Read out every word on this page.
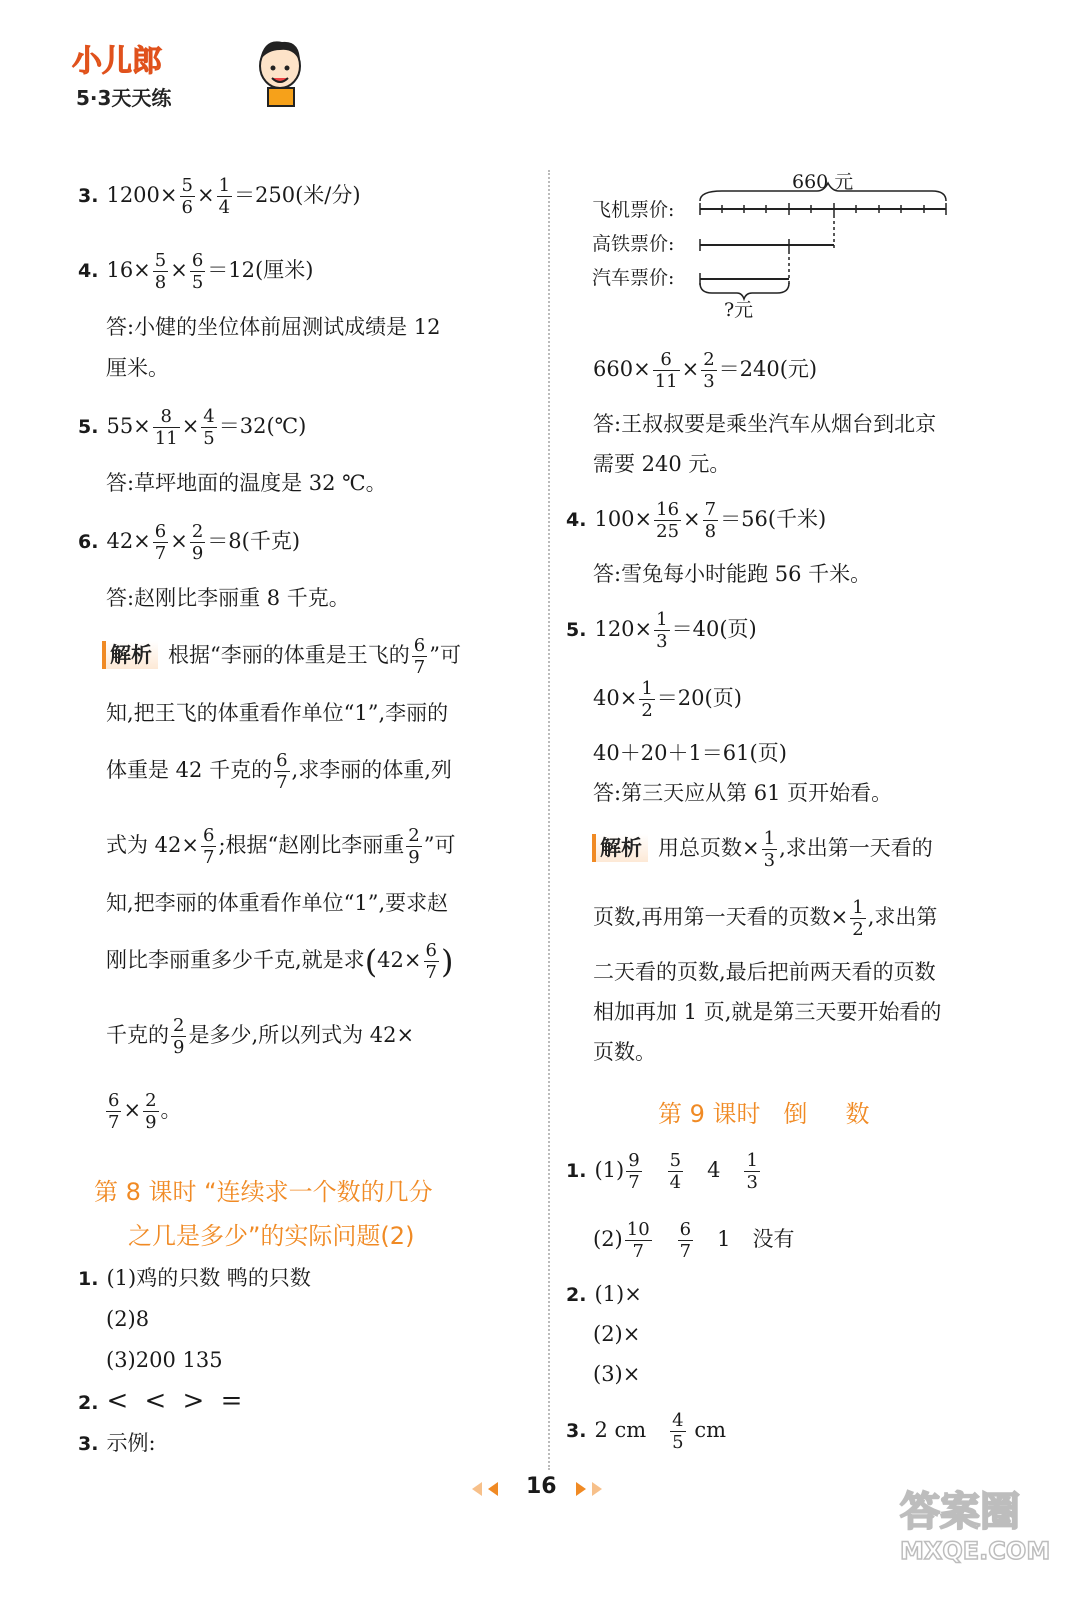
小儿郎
5·3天天练
3. $1200\times \frac{5}{6} \times \frac{1}{4} =250$(米/分)
4. $16\times \frac{5}{8} \times \frac{6}{5} =12$(厘米)
答:小健的坐位体前屈测试成绩是 12
厘米。
5. $55\times \frac{8}{11} \times \frac{4}{5}$ ＝32(℃)
答:草坪地面的温度是 32 ℃。
6. $42\times \frac{6}{7} \times \frac{2}{9} =8$(千克)
答:赵刚比李丽重 8 千克。
解析 根据“李丽的体重是王飞的 $\frac{6}{7}$ ”可
知,把王飞的体重看作单位“1”,李丽的
体重是 42 千克的 $\frac{6}{7}$ ,求李丽的体重,列
式为 $42\times \frac{6}{7}$ ;根据“赵刚比李丽重 $\frac{2}{9}$ ”可
知,把李丽的体重看作单位“1”,要求赵
刚比李丽重多少千克,就是求($42\times \frac{6}{7}$ )
千克的 $\frac{2}{9}$ 是多少,所以列式为 42×
$\frac{6}{7} \times \frac{2}{9}$ 。
第 8 课时 “连续求一个数的几分
之几是多少”的实际问题(2)
1. (1)鸡的只数 鸭的只数
(2)8
(3)200 135
2. < < > =
3. 示例:
660 元
飞机票价:
高铁票价:
汽车票价:
?元
$660\times \frac{6}{11} \times \frac{2}{3} =240$(元)
答:王叔叔要是乘坐汽车从烟台到北京
需要 240 元。
4. $100\times \frac{16}{25} \times \frac{7}{8} =56$(千米)
答:雪兔每小时能跑 56 千米。
5. $120\times \frac{1}{3} =40$(页)
$40\times \frac{1}{2} =20$(页)
40＋20＋1＝61(页)
答:第三天应从第 61 页开始看。
解析 用总页数× $\frac{1}{3}$ ,求出第一天看的
页数,再用第一天看的页数× $\frac{1}{2}$ ,求出第
二天看的页数,最后把前两天看的页数
相加再加 1 页,就是第三天要开始看的
页数。
第 9 课时   倒     数
1. $(1) \frac{9}{7} \frac{5}{4} 4 \frac{1}{3}$
$(2) \frac{10}{7} \frac{6}{7} 1$ 没有
2. (1)×
(2)×
(3)×
3. 2 cm $\frac{4}{5}$ cm
16
答案圈
MXQE.COM
